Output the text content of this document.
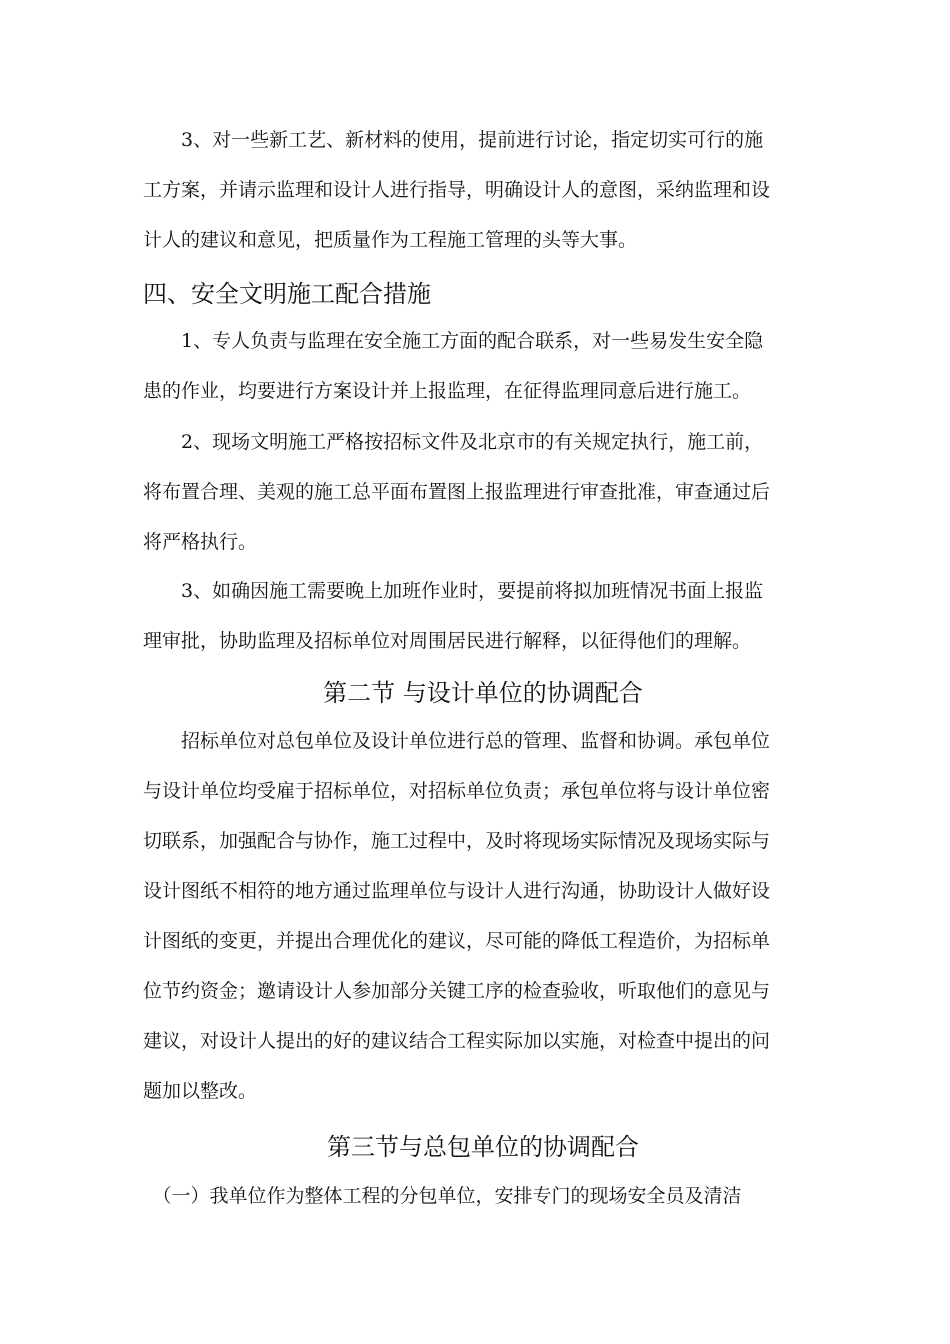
　　3、对一些新工艺、新材料的使用，提前进行讨论，指定切实可行的施
工方案，并请示监理和设计人进行指导，明确设计人的意图，采纳监理和设
计人的建议和意见，把质量作为工程施工管理的头等大事。
四、安全文明施工配合措施
　　1、专人负责与监理在安全施工方面的配合联系，对一些易发生安全隐
患的作业，均要进行方案设计并上报监理，在征得监理同意后进行施工。
　　2、现场文明施工严格按招标文件及北京市的有关规定执行，施工前，
将布置合理、美观的施工总平面布置图上报监理进行审查批准，审查通过后
将严格执行。
　　3、如确因施工需要晚上加班作业时，要提前将拟加班情况书面上报监
理审批，协助监理及招标单位对周围居民进行解释，以征得他们的理解。
第二节 与设计单位的协调配合
　　招标单位对总包单位及设计单位进行总的管理、监督和协调。承包单位
与设计单位均受雇于招标单位，对招标单位负责；承包单位将与设计单位密
切联系，加强配合与协作，施工过程中，及时将现场实际情况及现场实际与
设计图纸不相符的地方通过监理单位与设计人进行沟通，协助设计人做好设
计图纸的变更，并提出合理优化的建议，尽可能的降低工程造价，为招标单
位节约资金；邀请设计人参加部分关键工序的检查验收，听取他们的意见与
建议，对设计人提出的好的建议结合工程实际加以实施，对检查中提出的问
题加以整改。
第三节与总包单位的协调配合
　（一）我单位作为整体工程的分包单位，安排专门的现场安全员及清洁
